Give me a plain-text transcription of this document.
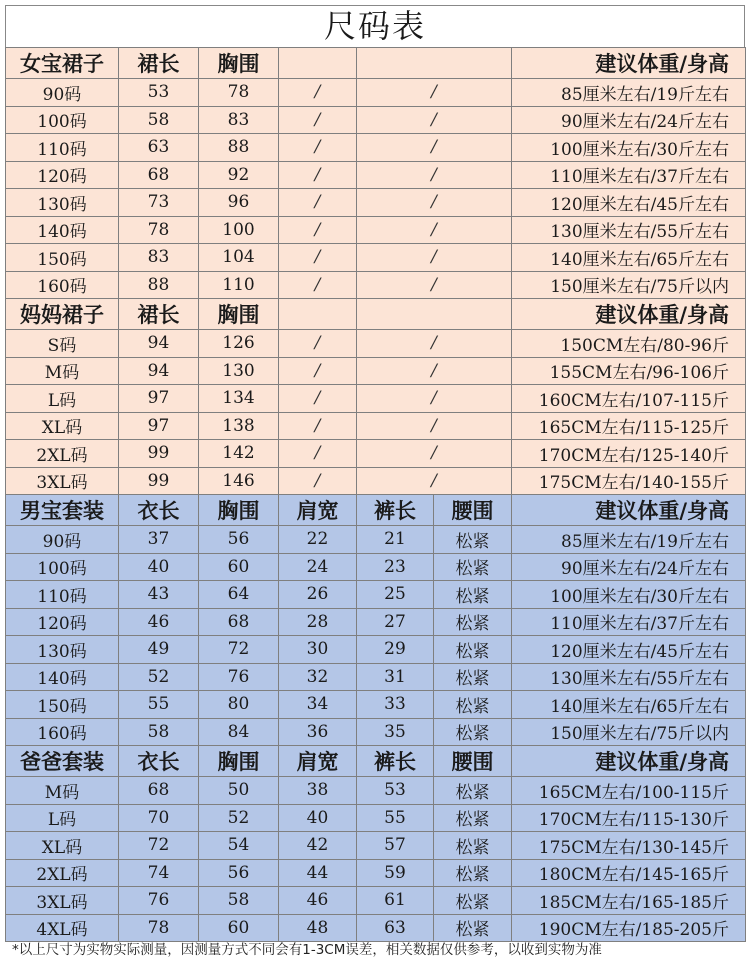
尺码表
女宝裙子	裙长	胸围				建议体重/身高
90码	53	78	/	/		85厘米左右/19斤左右
100码	58	83	/	/		90厘米左右/24斤左右
110码	63	88	/	/		100厘米左右/30斤左右
120码	68	92	/	/		110厘米左右/37斤左右
130码	73	96	/	/		120厘米左右/45斤左右
140码	78	100	/	/		130厘米左右/55斤左右
150码	83	104	/	/		140厘米左右/65斤左右
160码	88	110	/	/		150厘米左右/75斤以内
妈妈裙子	裙长	胸围				建议体重/身高
S码	94	126	/	/		150CM左右/80-96斤
M码	94	130	/	/		155CM左右/96-106斤
L码	97	134	/	/		160CM左右/107-115斤
XL码	97	138	/	/		165CM左右/115-125斤
2XL码	99	142	/	/		170CM左右/125-140斤
3XL码	99	146	/	/		175CM左右/140-155斤
男宝套装	衣长	胸围	肩宽	裤长	腰围	建议体重/身高
90码	37	56	22	21	松紧	85厘米左右/19斤左右
100码	40	60	24	23	松紧	90厘米左右/24斤左右
110码	43	64	26	25	松紧	100厘米左右/30斤左右
120码	46	68	28	27	松紧	110厘米左右/37斤左右
130码	49	72	30	29	松紧	120厘米左右/45斤左右
140码	52	76	32	31	松紧	130厘米左右/55斤左右
150码	55	80	34	33	松紧	140厘米左右/65斤左右
160码	58	84	36	35	松紧	150厘米左右/75斤以内
爸爸套装	衣长	胸围	肩宽	裤长	腰围	建议体重/身高
M码	68	50	38	53	松紧	165CM左右/100-115斤
L码	70	52	40	55	松紧	170CM左右/115-130斤
XL码	72	54	42	57	松紧	175CM左右/130-145斤
2XL码	74	56	44	59	松紧	180CM左右/145-165斤
3XL码	76	58	46	61	松紧	185CM左右/165-185斤
4XL码	78	60	48	63	松紧	190CM左右/185-205斤
*以上尺寸为实物实际测量，因测量方式不同会有1-3CM误差，相关数据仅供参考，以收到实物为准
